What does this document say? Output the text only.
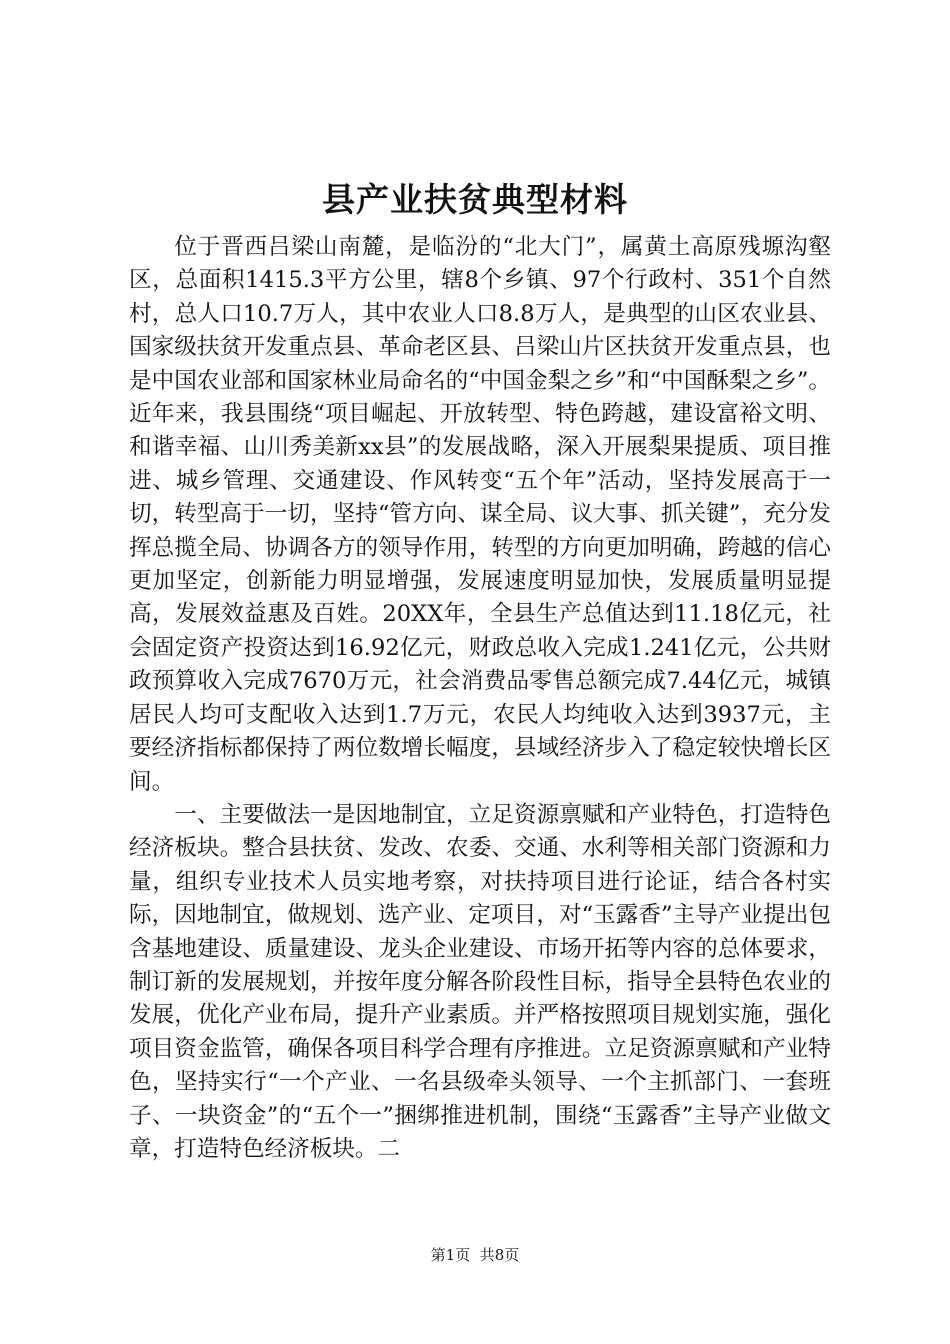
县产业扶贫典型材料

位于晋西吕梁山南麓，是临汾的“北大门”，属黄土高原残塬沟壑区，总面积1415.3平方公里，辖8个乡镇、97个行政村、351个自然村，总人口10.7万人，其中农业人口8.8万人，是典型的山区农业县、国家级扶贫开发重点县、革命老区县、吕梁山片区扶贫开发重点县，也是中国农业部和国家林业局命名的“中国金梨之乡”和“中国酥梨之乡”。近年来，我县围绕“项目崛起、开放转型、特色跨越，建设富裕文明、和谐幸福、山川秀美新xx县”的发展战略，深入开展梨果提质、项目推进、城乡管理、交通建设、作风转变“五个年”活动，坚持发展高于一切，转型高于一切，坚持“管方向、谋全局、议大事、抓关键”，充分发挥总揽全局、协调各方的领导作用，转型的方向更加明确，跨越的信心更加坚定，创新能力明显增强，发展速度明显加快，发展质量明显提高，发展效益惠及百姓。20XX年，全县生产总值达到11.18亿元，社会固定资产投资达到16.92亿元，财政总收入完成1.241亿元，公共财政预算收入完成7670万元，社会消费品零售总额完成7.44亿元，城镇居民人均可支配收入达到1.7万元，农民人均纯收入达到3937元，主要经济指标都保持了两位数增长幅度，县域经济步入了稳定较快增长区间。

一、主要做法一是因地制宜，立足资源禀赋和产业特色，打造特色经济板块。整合县扶贫、发改、农委、交通、水利等相关部门资源和力量，组织专业技术人员实地考察，对扶持项目进行论证，结合各村实际，因地制宜，做规划、选产业、定项目，对“玉露香”主导产业提出包含基地建设、质量建设、龙头企业建设、市场开拓等内容的总体要求，制订新的发展规划，并按年度分解各阶段性目标，指导全县特色农业的发展，优化产业布局，提升产业素质。并严格按照项目规划实施，强化项目资金监管，确保各项目科学合理有序推进。立足资源禀赋和产业特色，坚持实行“一个产业、一名县级牵头领导、一个主抓部门、一套班子、一块资金”的“五个一”捆绑推进机制，围绕“玉露香”主导产业做文章，打造特色经济板块。二

第1页 共8页
